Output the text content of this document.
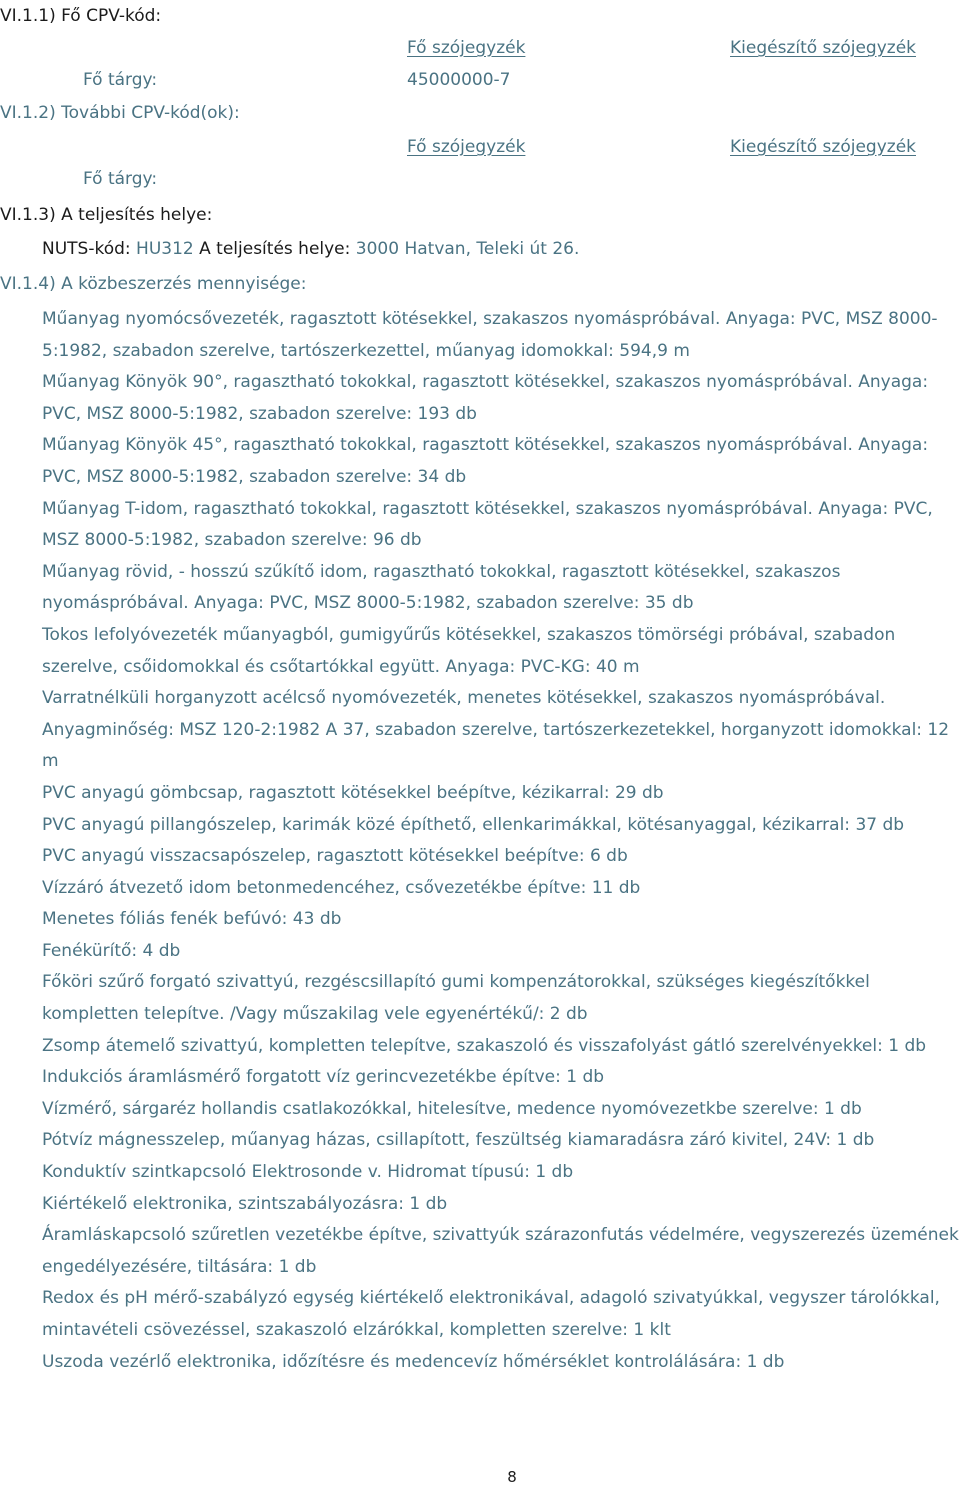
VI.1.1) Fő CPV-kód:
Fő szójegyzék	Kiegészítő szójegyzék
Fő tárgy:	45000000-7
VI.1.2) További CPV-kód(ok):
Fő szójegyzék	Kiegészítő szójegyzék
Fő tárgy:
VI.1.3) A teljesítés helye:
NUTS-kód: HU312 A teljesítés helye: 3000 Hatvan, Teleki út 26.
VI.1.4) A közbeszerzés mennyisége:

Műanyag nyomócsővezeték, ragasztott kötésekkel, szakaszos nyomáspróbával. Anyaga: PVC, MSZ 8000-5:1982, szabadon szerelve, tartószerkezettel, műanyag idomokkal: 594,9 m

Műanyag Könyök 90°, ragasztható tokokkal, ragasztott kötésekkel, szakaszos nyomáspróbával. Anyaga: PVC, MSZ 8000-5:1982, szabadon szerelve: 193 db

Műanyag Könyök 45°, ragasztható tokokkal, ragasztott kötésekkel, szakaszos nyomáspróbával. Anyaga: PVC, MSZ 8000-5:1982, szabadon szerelve: 34 db

Műanyag T-idom, ragasztható tokokkal, ragasztott kötésekkel, szakaszos nyomáspróbával. Anyaga: PVC, MSZ 8000-5:1982, szabadon szerelve: 96 db

Műanyag rövid, - hosszú szűkítő idom, ragasztható tokokkal, ragasztott kötésekkel, szakaszos nyomáspróbával. Anyaga: PVC, MSZ 8000-5:1982, szabadon szerelve: 35 db

Tokos lefolyóvezeték műanyagból, gumigyűrűs kötésekkel, szakaszos tömörségi próbával, szabadon szerelve, csőidomokkal és csőtartókkal együtt. Anyaga: PVC-KG: 40 m

Varratnélküli horganyzott acélcső nyomóvezeték, menetes kötésekkel, szakaszos nyomáspróbával. Anyagminőség: MSZ 120-2:1982 A 37, szabadon szerelve, tartószerkezetekkel, horganyzott idomokkal: 12 m

PVC anyagú gömbcsap, ragasztott kötésekkel beépítve, kézikarral: 29 db

PVC anyagú pillangószelep, karimák közé építhető, ellenkarimákkal, kötésanyaggal, kézikarral: 37 db

PVC anyagú visszacsapószelep, ragasztott kötésekkel beépítve: 6 db

Vízzáró átvezető idom betonmedencéhez, csővezetékbe építve: 11 db

Menetes fóliás fenék befúvó: 43 db

Fenékürítő: 4 db

Főköri szűrő forgató szivattyú, rezgéscsillapító gumi kompenzátorokkal, szükséges kiegészítőkkel kompletten telepítve. /Vagy műszakilag vele egyenértékű/: 2 db

Zsomp átemelő szivattyú, kompletten telepítve, szakaszoló és visszafolyást gátló szerelvényekkel: 1 db

Indukciós áramlásmérő forgatott víz gerincvezetékbe építve: 1 db

Vízmérő, sárgaréz hollandis csatlakozókkal, hitelesítve, medence nyomóvezetkbe szerelve: 1 db

Pótvíz mágnesszelep, műanyag házas, csillapított, feszültség kiamaradásra záró kivitel, 24V: 1 db

Konduktív szintkapcsoló Elektrosonde v. Hidromat típusú: 1 db

Kiértékelő elektronika, szintszabályozásra: 1 db

Áramláskapcsoló szűretlen vezetékbe építve, szivattyúk szárazonfutás védelmére, vegyszerezés üzemének engedélyezésére, tiltására: 1 db

Redox és pH mérő-szabályzó egység kiértékelő elektronikával, adagoló szivatyúkkal, vegyszer tárolókkal, mintavételi csövezéssel, szakaszoló elzárókkal, kompletten szerelve: 1 klt

Uszoda vezérlő elektronika, időzítésre és medencevíz hőmérséklet kontrolálására: 1 db

8
